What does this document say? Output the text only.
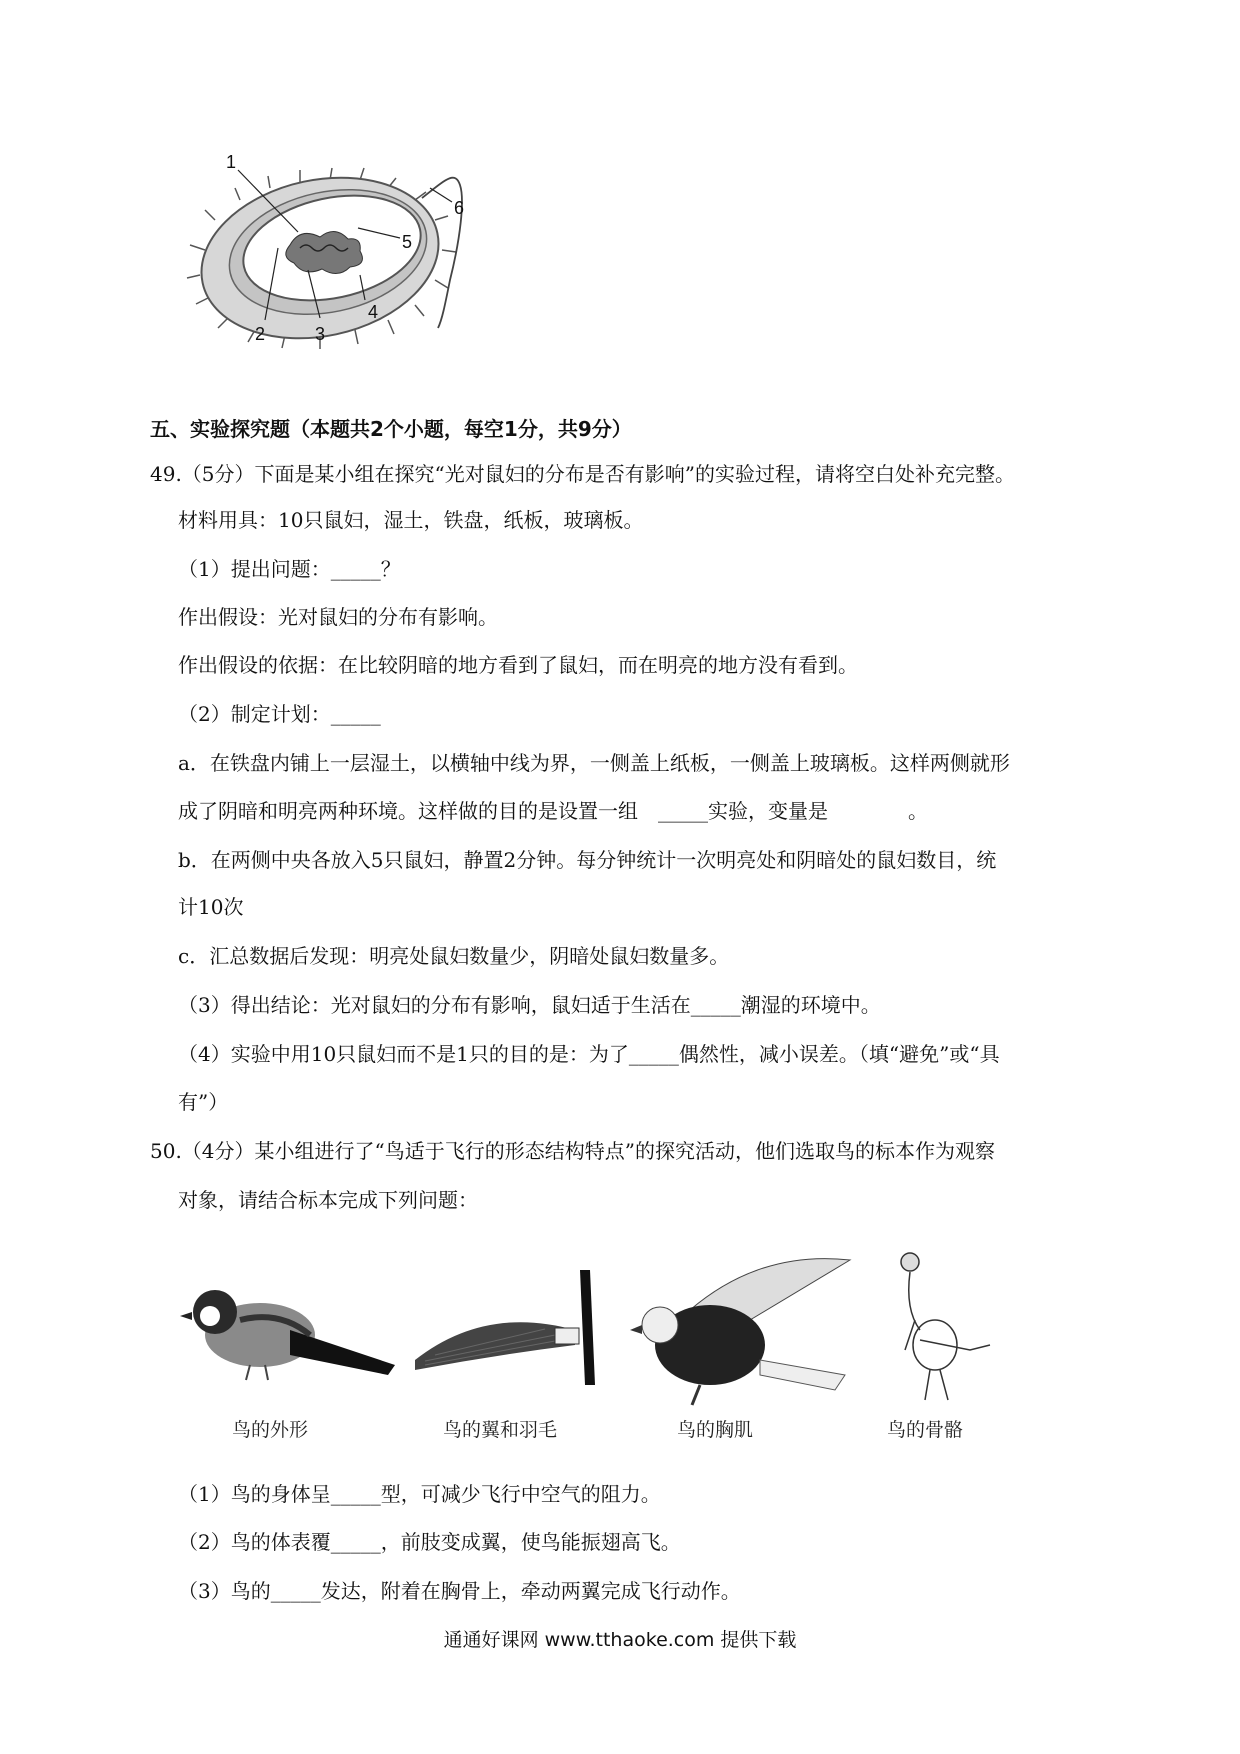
1
2	3
4
5
6
五、实验探究题（本题共2个小题，每空1分，共9分）
49.（5分）下面是某小组在探究“光对鼠妇的分布是否有影响”的实验过程，请将空白处补充完整。
材料用具：10只鼠妇，湿土，铁盘，纸板，玻璃板。
（1）提出问题：_____？
作出假设：光对鼠妇的分布有影响。
作出假设的依据：在比较阴暗的地方看到了鼠妇，而在明亮的地方没有看到。
（2）制定计划：_____
a．在铁盘内铺上一层湿土，以横轴中线为界，一侧盖上纸板，一侧盖上玻璃板。这样两侧就形
成了阴暗和明亮两种环境。这样做的目的是设置一组　_____实验，变量是　　　　。
b．在两侧中央各放入5只鼠妇，静置2分钟。每分钟统计一次明亮处和阴暗处的鼠妇数目，统
计10次
c．汇总数据后发现：明亮处鼠妇数量少，阴暗处鼠妇数量多。
（3）得出结论：光对鼠妇的分布有影响，鼠妇适于生活在_____潮湿的环境中。
（4）实验中用10只鼠妇而不是1只的目的是：为了_____偶然性，减小误差。（填“避免”或“具
有”）
50.（4分）某小组进行了“鸟适于飞行的形态结构特点”的探究活动，他们选取鸟的标本作为观察
对象，请结合标本完成下列问题：
鸟的外形	鸟的翼和羽毛	鸟的胸肌	鸟的骨骼
（1）鸟的身体呈_____型，可减少飞行中空气的阻力。
（2）鸟的体表覆_____，前肢变成翼，使鸟能振翅高飞。
（3）鸟的_____发达，附着在胸骨上，牵动两翼完成飞行动作。
通通好课网 www.tthaoke.com 提供下载
